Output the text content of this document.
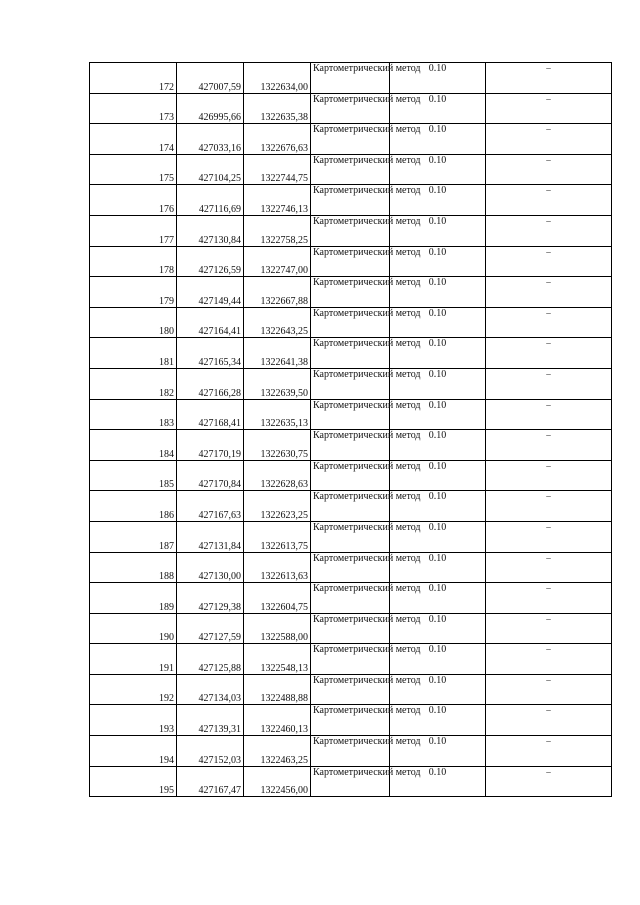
172	427007,59	1322634,00	Картометрический метод	0.10	–
173	426995,66	1322635,38	Картометрический метод	0.10	–
174	427033,16	1322676,63	Картометрический метод	0.10	–
175	427104,25	1322744,75	Картометрический метод	0.10	–
176	427116,69	1322746,13	Картометрический метод	0.10	–
177	427130,84	1322758,25	Картометрический метод	0.10	–
178	427126,59	1322747,00	Картометрический метод	0.10	–
179	427149,44	1322667,88	Картометрический метод	0.10	–
180	427164,41	1322643,25	Картометрический метод	0.10	–
181	427165,34	1322641,38	Картометрический метод	0.10	–
182	427166,28	1322639,50	Картометрический метод	0.10	–
183	427168,41	1322635,13	Картометрический метод	0.10	–
184	427170,19	1322630,75	Картометрический метод	0.10	–
185	427170,84	1322628,63	Картометрический метод	0.10	–
186	427167,63	1322623,25	Картометрический метод	0.10	–
187	427131,84	1322613,75	Картометрический метод	0.10	–
188	427130,00	1322613,63	Картометрический метод	0.10	–
189	427129,38	1322604,75	Картометрический метод	0.10	–
190	427127,59	1322588,00	Картометрический метод	0.10	–
191	427125,88	1322548,13	Картометрический метод	0.10	–
192	427134,03	1322488,88	Картометрический метод	0.10	–
193	427139,31	1322460,13	Картометрический метод	0.10	–
194	427152,03	1322463,25	Картометрический метод	0.10	–
195	427167,47	1322456,00	Картометрический метод	0.10	–
